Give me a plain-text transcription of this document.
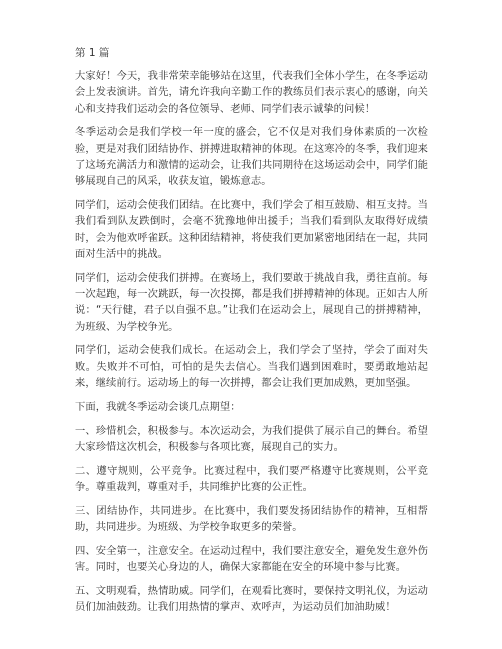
第 1 篇

大家好！今天，我非常荣幸能够站在这里，代表我们全体小学生，在冬季运动会上发表演讲。首先，请允许我向辛勤工作的教练员们表示衷心的感谢，向关心和支持我们运动会的各位领导、老师、同学们表示诚挚的问候！

冬季运动会是我们学校一年一度的盛会，它不仅是对我们身体素质的一次检验，更是对我们团结协作、拼搏进取精神的体现。在这寒冷的冬季，我们迎来了这场充满活力和激情的运动会，让我们共同期待在这场运动会中，同学们能够展现自己的风采，收获友谊，锻炼意志。

同学们，运动会使我们团结。在比赛中，我们学会了相互鼓励、相互支持。当我们看到队友跌倒时，会毫不犹豫地伸出援手；当我们看到队友取得好成绩时，会为他欢呼雀跃。这种团结精神，将使我们更加紧密地团结在一起，共同面对生活中的挑战。

同学们，运动会使我们拼搏。在赛场上，我们要敢于挑战自我，勇往直前。每一次起跑，每一次跳跃，每一次投掷，都是我们拼搏精神的体现。正如古人所说：“天行健，君子以自强不息。”让我们在运动会上，展现自己的拼搏精神，为班级、为学校争光。

同学们，运动会使我们成长。在运动会上，我们学会了坚持，学会了面对失败。失败并不可怕，可怕的是失去信心。当我们遇到困难时，要勇敢地站起来，继续前行。运动场上的每一次拼搏，都会让我们更加成熟，更加坚强。

下面，我就冬季运动会谈几点期望：

一、珍惜机会，积极参与。本次运动会，为我们提供了展示自己的舞台。希望大家珍惜这次机会，积极参与各项比赛，展现自己的实力。

二、遵守规则，公平竞争。比赛过程中，我们要严格遵守比赛规则，公平竞争。尊重裁判，尊重对手，共同维护比赛的公正性。

三、团结协作，共同进步。在比赛中，我们要发扬团结协作的精神，互相帮助，共同进步。为班级、为学校争取更多的荣誉。

四、安全第一，注意安全。在运动过程中，我们要注意安全，避免发生意外伤害。同时，也要关心身边的人，确保大家都能在安全的环境中参与比赛。

五、文明观看，热情助威。同学们，在观看比赛时，要保持文明礼仪，为运动员们加油鼓劲。让我们用热情的掌声、欢呼声，为运动员们加油助威！
